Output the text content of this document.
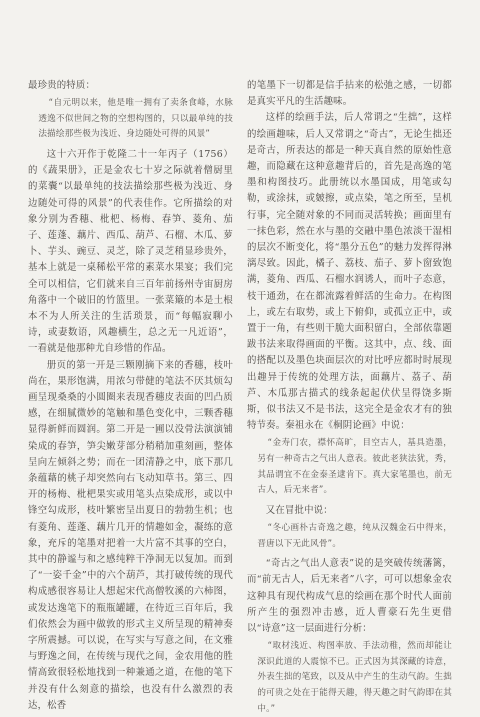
最珍贵的特质：

“自元明以来，他是唯一拥有了卖条食峰，水脉透逸不似世间之物的空想构图的，只以最单纯的技法描绘那些极为浅近、身边随处可得的风景”

这十六开作于乾隆二十一年丙子（1756）的《蔬果册》，正是金农七十岁之际就着僧厨里的菜囊“以最单纯的技法描绘那些极为浅近、身边随处可得的风景”的代表佳作。它所描绘的对象分别为香穗、枇杷、杨梅、春笋、菱角、茄子、莲蓬、藕片、西瓜、葫芦、石榴、木瓜、萝卜、芋头、豌豆、灵芝，除了灵芝稍显珍贵外，基本上就是一桌稀松平常的素菜水果宴；我们完全可以相信，它们就来自三百年前扬州寺宙厨房角落中一个破旧的竹篮里。一张菜簸的本是土根本不为人所关注的生活琐景，而“每幅寂聊小诗，或妻数语，风趣横生，总之无一凡近语”，一看就是他那种尤自珍惜的作品。

册页的第一开是三颗刚摘下来的香穗，枝叶尚在，果形饱满，用浓匀带健的笔法不厌其烦勾画呈现桑桑的小圆圈来表现香穗皮表面的凹凸质感，在细腻微妙的笔触和墨色变化中，三颗香穗显得新鲜而圆润。第二开是一圃以没骨法演演铺染成的春笋，笋尖嫩芽部分稍稍加重刻画，整体呈向左倾斜之势；而在一团清静之中，底下那几条蕴藉的桃子却突然向右飞动知草书。第三、四开的杨梅、枇杷果实或用笔头点染成形，或以中锋空勾成形，枝叶繁密呈出夏日的勃勃生机；也有菱角、莲蓬、藕片几开的情趣如金，凝练的意象，充斥的笔墨对把着一大片富不其事的空白，其中的静谧与和之感纯粹干净洞无以复加。而到了“一姿千金”中的六个葫芦，其打破传统的现代构成感很容易让人想起宋代高僧牧溪的六柿图，或发达逸笔下的瓶瓶罐罐，在待近三百年后，我们依然会为画中做敦的形式主义所呈现的精神奏字所震撼。可以说，在写实与写意之间，在文雅与野逸之间，在传统与现代之间，金农用他的胜情高致很轻松地找到一种兼通之道，在他的笔下并没有什么刻意的描绘，也没有什么激烈的表达，松香

的笔墨下一切都是信手拈来的松弛之感，一切都是真实平凡的生活趣味。

这样的绘画手法，后人常谓之“生拙”，这样的绘画趣味，后人又常谓之“奇古”，无论生拙还是奇古，所表达的都是一种天真自然的原始性意趣，而隐藏在这种意趣背后的，首先是高逸的笔墨和构图技巧。此册统以水墨国成，用笔或勾勒，或涂抹，或皴擦，或点染，笔之所至，呈机行事，完全随对象的不同而灵活转换；画面里有一抹色彩，然在水与墨的交融中墨色浓淡干湿相的层次不断变化，将“墨分五色”的魅力发挥得淋漓尽致。因此，橘子、荔枝、茄子、萝卜窗致饱满，菱角、西瓜、石榴水润诱人，而叶子态意，枝干通劲，在在都流露着鲜活的生命力。在构图上，或左右取势，或上下俯仰，或孤立正中，或置于一角，有些则干脆大面积留白，全部依靠题跋书法来取得画面的平衡。这其中，点、线、面的搭配以及墨色块面层次的对比呼应都时时展现出趣异于传统的处理方法，面藕片、荔子、葫芦、木瓜那古描式的线条起起伏伏呈得饶多斯斯，似书法又不是书法，这完全是金农才有的独特节奏。秦祖永在《桐阴论画》中说：

“金寿门农，襟怀高旷，目空古人，基具造墨，另有一种奇古之气出人意表。彼此老狭法犹，秀，其品谓宜不在金泰圣逮肯下。真大家笔墨也，前无古人，后无来者”。

又在冒批中说：

“冬心画朴古奇逸之趣，纯从汉魏金石中得来，晋唐以下无此风骨”。

“奇古之气出人意表”说的是突破传统藩篱，而“前无古人，后无来者”八字，可可以想象金农这种具有现代构成气息的绘画在那个时代人面前所产生的强烈冲击感，近人曹豪石先生更借以“诗意”这一层面进行分析：

“取材浅近、构图率放、手法动稚，然而却能让深识此道的人震惊不已。正式因为其深藏的诗意，外表生拙的笔致，以及从中产生的生动气韵。生拙的可贵之处在于能得天趣，得天趣之时气韵即在其中。”
